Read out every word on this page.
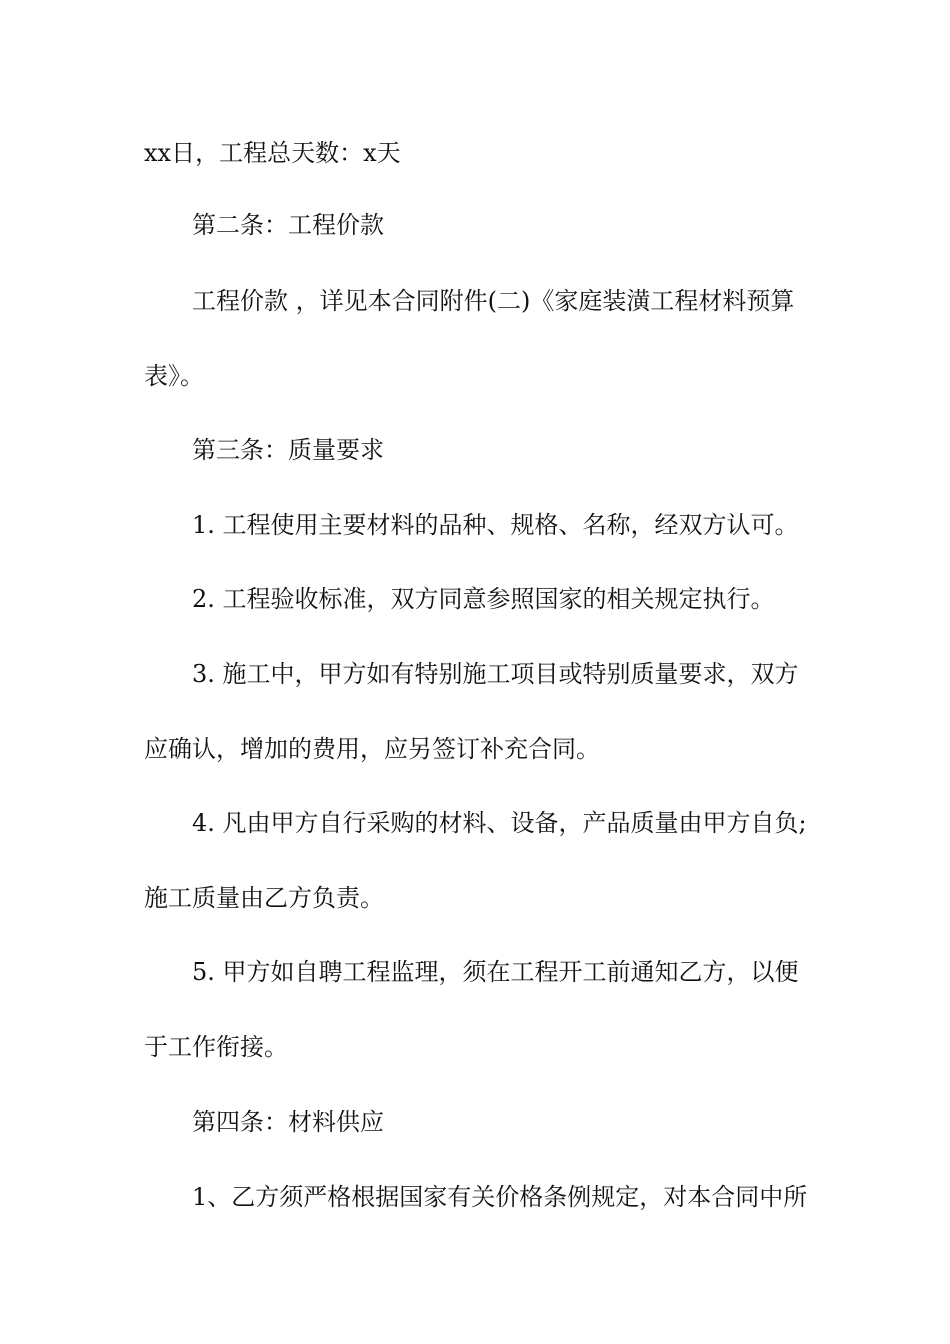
xx日，工程总天数：x天
第二条：工程价款
工程价款 ，详见本合同附件(二)《家庭装潢工程材料预算
表》。
第三条：质量要求
1. 工程使用主要材料的品种、规格、名称，经双方认可。
2. 工程验收标准，双方同意参照国家的相关规定执行。
3. 施工中，甲方如有特别施工项目或特别质量要求，双方
应确认，增加的费用，应另签订补充合同。
4. 凡由甲方自行采购的材料、设备，产品质量由甲方自负;
施工质量由乙方负责。
5. 甲方如自聘工程监理，须在工程开工前通知乙方，以便
于工作衔接。
第四条：材料供应
1、乙方须严格根据国家有关价格条例规定，对本合同中所
